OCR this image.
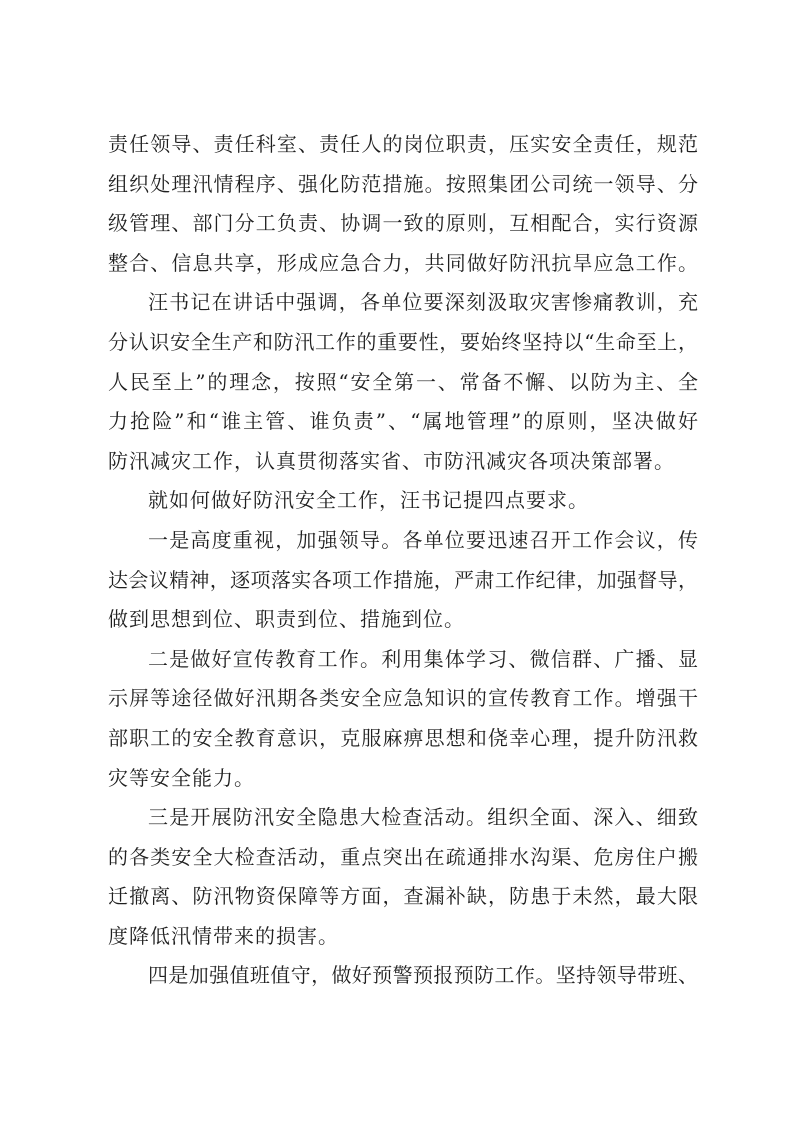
责任领导、责任科室、责任人的岗位职责，压实安全责任，规范
组织处理汛情程序、强化防范措施。按照集团公司统一领导、分
级管理、部门分工负责、协调一致的原则，互相配合，实行资源
整合、信息共享，形成应急合力，共同做好防汛抗旱应急工作。
汪书记在讲话中强调，各单位要深刻汲取灾害惨痛教训，充
分认识安全生产和防汛工作的重要性，要始终坚持以“生命至上，
人民至上”的理念，按照“安全第一、常备不懈、以防为主、全
力抢险”和“谁主管、谁负责”、“属地管理”的原则，坚决做好
防汛减灾工作，认真贯彻落实省、市防汛减灾各项决策部署。
就如何做好防汛安全工作，汪书记提四点要求。
一是高度重视，加强领导。各单位要迅速召开工作会议，传
达会议精神，逐项落实各项工作措施，严肃工作纪律，加强督导，
做到思想到位、职责到位、措施到位。
二是做好宣传教育工作。利用集体学习、微信群、广播、显
示屏等途径做好汛期各类安全应急知识的宣传教育工作。增强干
部职工的安全教育意识，克服麻痹思想和侥幸心理，提升防汛救
灾等安全能力。
三是开展防汛安全隐患大检查活动。组织全面、深入、细致
的各类安全大检查活动，重点突出在疏通排水沟渠、危房住户搬
迁撤离、防汛物资保障等方面，查漏补缺，防患于未然，最大限
度降低汛情带来的损害。
四是加强值班值守，做好预警预报预防工作。坚持领导带班、
